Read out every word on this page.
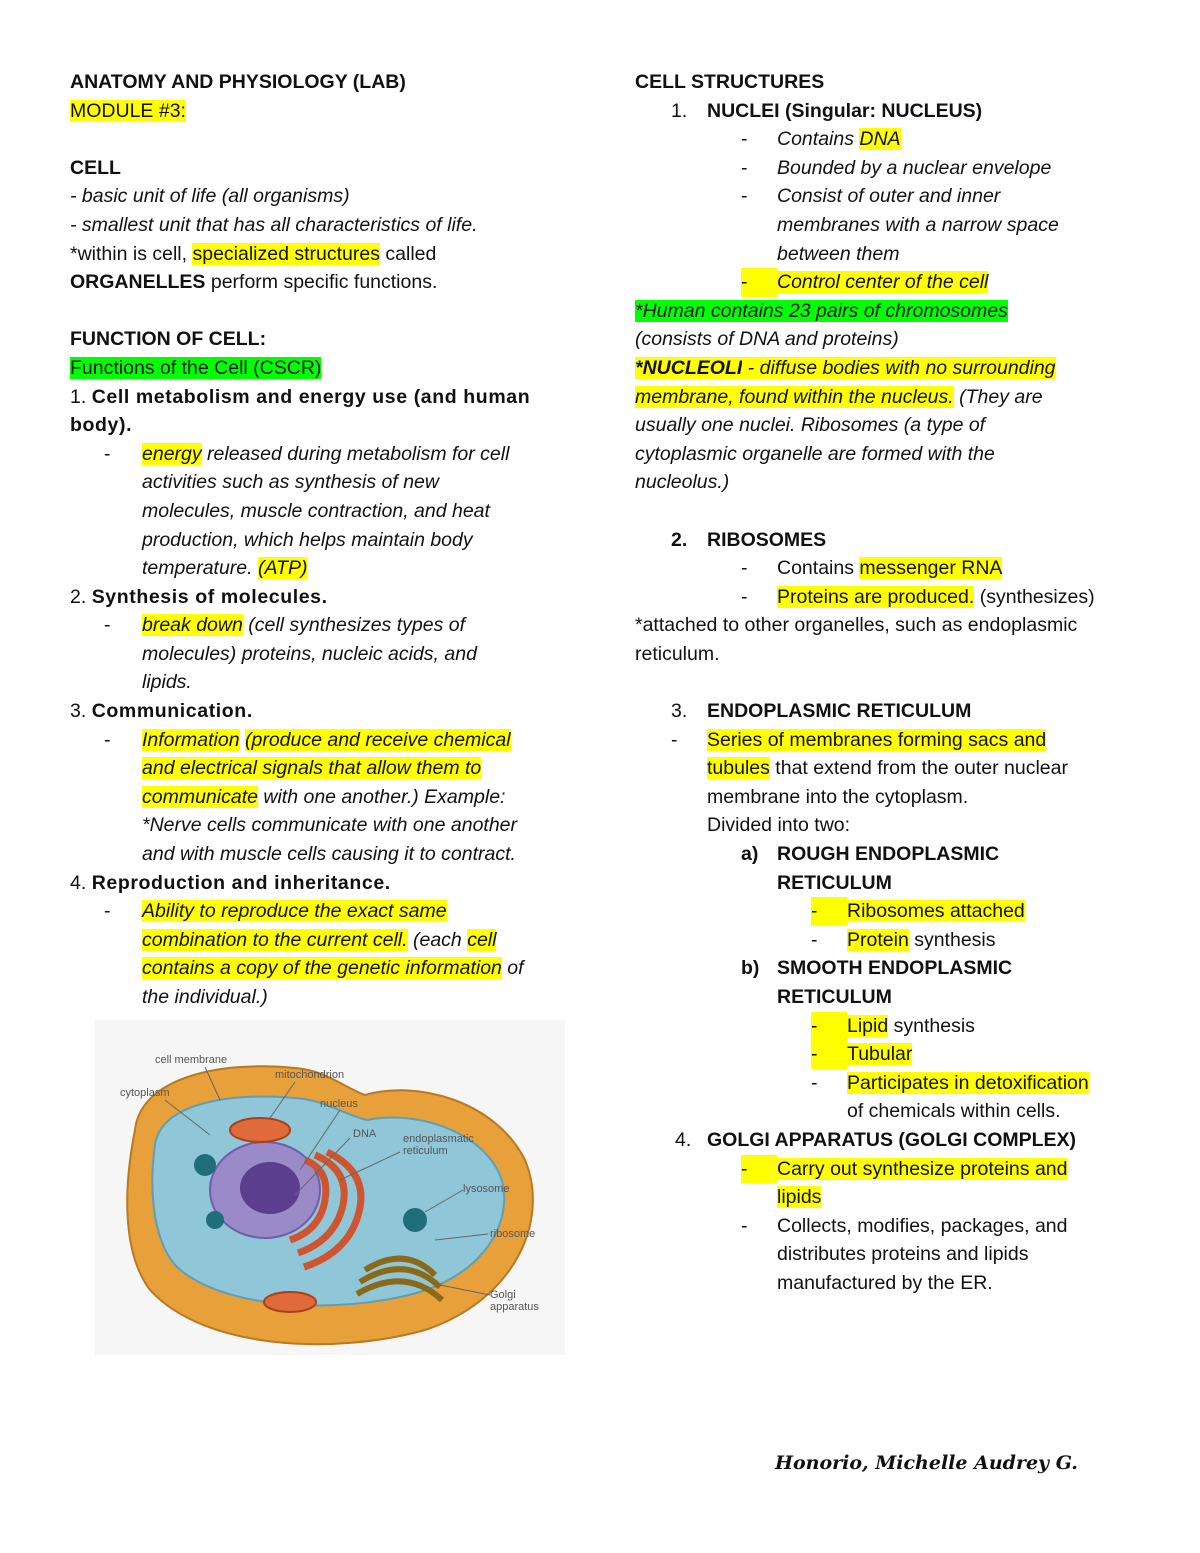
ANATOMY AND PHYSIOLOGY (LAB)
MODULE #3:
CELL
- basic unit of life (all organisms)
- smallest unit that has all characteristics of life.
*within is cell, specialized structures called
ORGANELLES perform specific functions.
FUNCTION OF CELL:
Functions of the Cell (CSCR)
1. Cell metabolism and energy use (and human
body).
- energy released during metabolism for cell
activities such as synthesis of new
molecules, muscle contraction, and heat
production, which helps maintain body
temperature. (ATP)
2. Synthesis of molecules.
- break down (cell synthesizes types of
molecules) proteins, nucleic acids, and
lipids.
3. Communication.
- Information (produce and receive chemical
and electrical signals that allow them to
communicate with one another.) Example:
*Nerve cells communicate with one another
and with muscle cells causing it to contract.
4. Reproduction and inheritance.
- Ability to reproduce the exact same
combination to the current cell. (each cell
contains a copy of the genetic information of
the individual.)
cell membrane
cytoplasm
mitochondrion
nucleus
DNA endoplasmatic
reticulum
lysosome
ribosome
Golgi
apparatus
CELL STRUCTURES
1. NUCLEI (Singular: NUCLEUS)
- Contains DNA
- Bounded by a nuclear envelope
- Consist of outer and inner
membranes with a narrow space
between them
-	Control center of the cell
*Human contains 23 pairs of chromosomes
(consists of DNA and proteins)
*NUCLEOLI - diffuse bodies with no surrounding
membrane, found within the nucleus. (They are
usually one nuclei. Ribosomes (a type of
cytoplasmic organelle are formed with the
nucleolus.)
2. RIBOSOMES
- Contains messenger RNA
- Proteins are produced. (synthesizes)
*attached to other organelles, such as endoplasmic
reticulum.
3. ENDOPLASMIC RETICULUM
- Series of membranes forming sacs and
tubules that extend from the outer nuclear
membrane into the cytoplasm.
Divided into two:
a) ROUGH ENDOPLASMIC
RETICULUM
-	Ribosomes attached
- Protein synthesis
b) SMOOTH ENDOPLASMIC
RETICULUM
-	Lipid synthesis
-	Tubular
- Participates in detoxification
of chemicals within cells.
4. GOLGI APPARATUS (GOLGI COMPLEX)
-	Carry out synthesize proteins and
lipids
- Collects, modifies, packages, and
distributes proteins and lipids
manufactured by the ER.
Honorio, Michelle Audrey G.
